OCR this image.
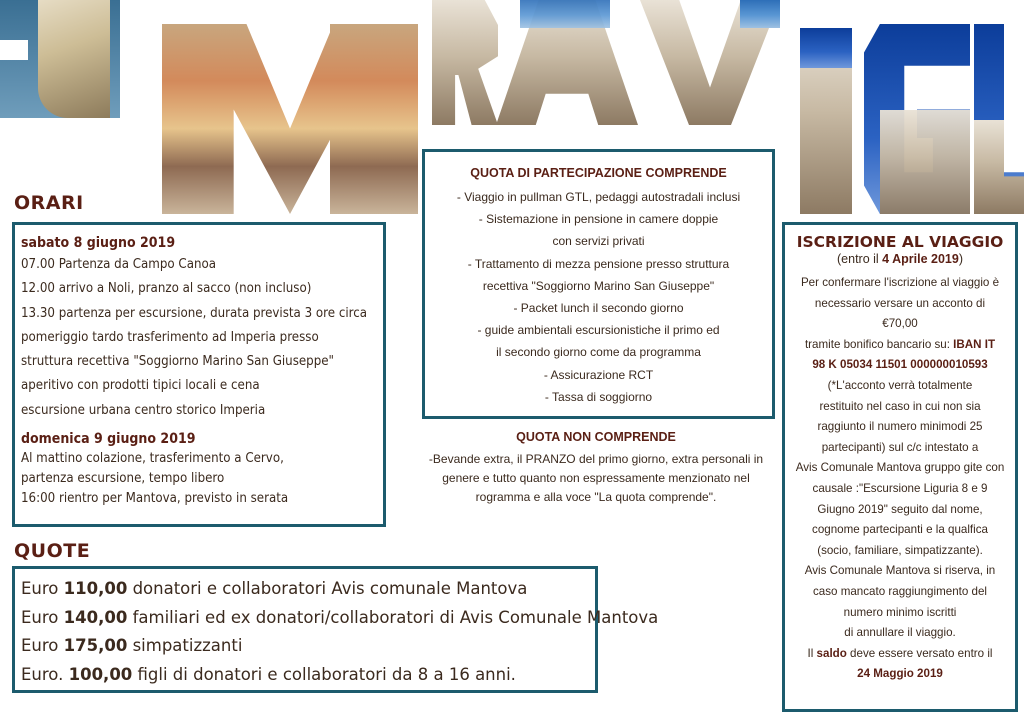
ORARI
sabato 8 giugno 2019
07.00 Partenza da Campo Canoa
12.00 arrivo a Noli, pranzo al sacco (non incluso)
13.30 partenza per escursione, durata prevista 3 ore circa
pomeriggio tardo trasferimento ad Imperia presso
struttura recettiva "Soggiorno Marino San Giuseppe"
aperitivo con prodotti tipici locali e cena
escursione urbana centro storico Imperia
domenica 9 giugno 2019
Al mattino colazione, trasferimento a Cervo,
partenza escursione, tempo libero
16:00 rientro per Mantova, previsto in serata
QUOTA DI PARTECIPAZIONE COMPRENDE
- Viaggio in pullman GTL, pedaggi autostradali inclusi
- Sistemazione in pensione in camere doppie
con servizi privati
- Trattamento di mezza pensione presso struttura
recettiva "Soggiorno Marino San Giuseppe"
- Packet lunch il secondo giorno
- guide ambientali escursionistiche il primo ed
il secondo giorno come da programma
- Assicurazione RCT
- Tassa di soggiorno
QUOTA NON COMPRENDE
-Bevande extra, il PRANZO del primo giorno, extra personali in
genere e tutto quanto non espressamente menzionato nel
rogramma e alla voce "La quota comprende".
ISCRIZIONE AL VIAGGIO
(entro il 4 Aprile 2019)
Per confermare l'iscrizione al viaggio è
necessario versare un acconto di
€70,00
tramite bonifico bancario su: IBAN IT
98 K 05034 11501 000000010593
(*L'acconto verrà totalmente
restituito nel caso in cui non sia
raggiunto il numero minimodi 25
partecipanti) sul c/c intestato a
Avis Comunale Mantova gruppo gite con
causale :"Escursione Liguria 8 e 9
Giugno 2019" seguito dal nome,
cognome partecipanti e la qualfica
(socio, familiare, simpatizzante).
Avis Comunale Mantova si riserva, in
caso mancato raggiungimento del
numero minimo iscritti
di annullare il viaggio.
Il saldo deve essere versato entro il
24 Maggio 2019
QUOTE
Euro 110,00 donatori e collaboratori Avis comunale Mantova
Euro 140,00 familiari ed ex donatori/collaboratori di Avis Comunale Mantova
Euro 175,00 simpatizzanti
Euro. 100,00 figli di donatori e collaboratori da 8 a 16 anni.
